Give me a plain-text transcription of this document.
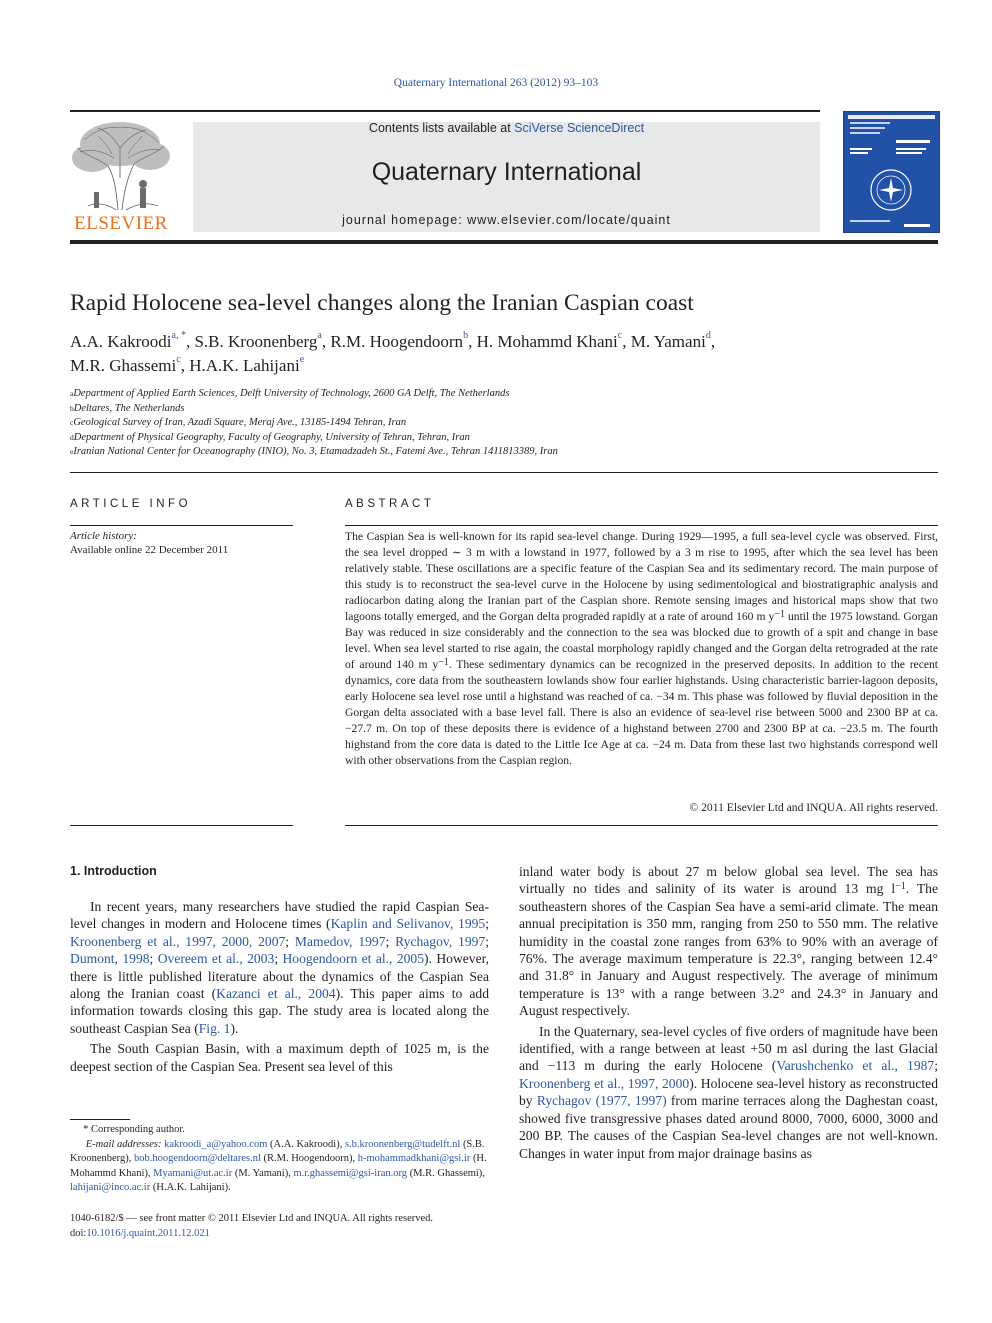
Quaternary International 263 (2012) 93–103
ELSEVIER
Contents lists available at SciVerse ScienceDirect
Quaternary International
journal homepage: www.elsevier.com/locate/quaint
Rapid Holocene sea-level changes along the Iranian Caspian coast
A.A. Kakroodi$^{a, *}$, S.B. Kroonenberg$^a$, R.M. Hoogendoorn$^b$, H. Mohammd Khani$^c$, M. Yamani$^d$,
M.R. Ghassemi$^c$, H.A.K. Lahijani$^e$
$^a$Department of Applied Earth Sciences, Delft University of Technology, 2600 GA Delft, The Netherlands
$^b$Deltares, The Netherlands
$^c$Geological Survey of Iran, Azadi Square, Meraj Ave., 13185-1494 Tehran, Iran
$^d$Department of Physical Geography, Faculty of Geography, University of Tehran, Tehran, Iran
$^e$Iranian National Center for Oceanography (INIO), No. 3, Etamadzadeh St., Fatemi Ave., Tehran 1411813389, Iran
ARTICLE INFO
Article history:
Available online 22 December 2011
ABSTRACT

The Caspian Sea is well-known for its rapid sea-level change. During 1929—1995, a full sea-level cycle was observed. First, the sea level dropped ∼ 3 m with a lowstand in 1977, followed by a 3 m rise to 1995, after which the sea level has been relatively stable. These oscillations are a specific feature of the Caspian Sea and its sedimentary record. The main purpose of this study is to reconstruct the sea-level curve in the Holocene by using sedimentological and biostratigraphic analysis and radiocarbon dating along the Iranian part of the Caspian shore. Remote sensing images and historical maps show that two lagoons totally emerged, and the Gorgan delta prograded rapidly at a rate of around 160 m $y^{-1}$ until the 1975 lowstand. Gorgan Bay was reduced in size considerably and the connection to the sea was blocked due to growth of a spit and change in base level. When sea level started to rise again, the coastal morphology rapidly changed and the Gorgan delta retrograded at the rate of around 140 m $y^{-1}$. These sedimentary dynamics can be recognized in the preserved deposits. In addition to the recent dynamics, core data from the southeastern lowlands show four earlier highstands. Using characteristic barrier-lagoon deposits, early Holocene sea level rose until a highstand was reached of ca. −34 m. This phase was followed by fluvial deposition in the Gorgan delta associated with a base level fall. There is also an evidence of sea-level rise between 5000 and 2300 BP at ca. −27.7 m. On top of these deposits there is evidence of a highstand between 2700 and 2300 BP at ca. −23.5 m. The fourth highstand from the core data is dated to the Little Ice Age at ca. −24 m. Data from these last two highstands correspond well with other observations from the Caspian region.

© 2011 Elsevier Ltd and INQUA. All rights reserved.
1. Introduction

In recent years, many researchers have studied the rapid Caspian Sea-level changes in modern and Holocene times (Kaplin and Selivanov, 1995; Kroonenberg et al., 1997, 2000, 2007; Mamedov, 1997; Rychagov, 1997; Dumont, 1998; Overeem et al., 2003; Hoogendoorn et al., 2005). However, there is little published literature about the dynamics of the Caspian Sea along the Iranian coast (Kazanci et al., 2004). This paper aims to add information towards closing this gap. The study area is located along the southeast Caspian Sea (Fig. 1).

The South Caspian Basin, with a maximum depth of 1025 m, is the deepest section of the Caspian Sea. Present sea level of this

inland water body is about 27 m below global sea level. The sea has virtually no tides and salinity of its water is around 13 mg $l^{-1}$. The southeastern shores of the Caspian Sea have a semi-arid climate. The mean annual precipitation is 350 mm, ranging from 250 to 550 mm. The relative humidity in the coastal zone ranges from 63% to 90% with an average of 76%. The average maximum temperature is 22.3°, ranging between 12.4° and 31.8° in January and August respectively. The average of minimum temperature is 13° with a range between 3.2° and 24.3° in January and August respectively.

In the Quaternary, sea-level cycles of five orders of magnitude have been identified, with a range between at least +50 m asl during the last Glacial and −113 m during the early Holocene (Varushchenko et al., 1987; Kroonenberg et al., 1997, 2000). Holocene sea-level history as reconstructed by Rychagov (1977, 1997) from marine terraces along the Daghestan coast, showed five transgressive phases dated around 8000, 7000, 6000, 3000 and 200 BP. The causes of the Caspian Sea-level changes are not well-known. Changes in water input from major drainage basins as

* Corresponding author.
E-mail addresses: kakroodi_a@yahoo.com (A.A. Kakroodi), s.b.kroonenberg@tudelft.nl (S.B. Kroonenberg), bob.hoogendoorn@deltares.nl (R.M. Hoogendoorn), h-mohammadkhani@gsi.ir (H. Mohammd Khani), Myamani@ut.ac.ir (M. Yamani), m.r.ghassemi@gsi-iran.org (M.R. Ghassemi), lahijani@inco.ac.ir (H.A.K. Lahijani).
1040-6182/$ — see front matter © 2011 Elsevier Ltd and INQUA. All rights reserved.
doi:10.1016/j.quaint.2011.12.021
